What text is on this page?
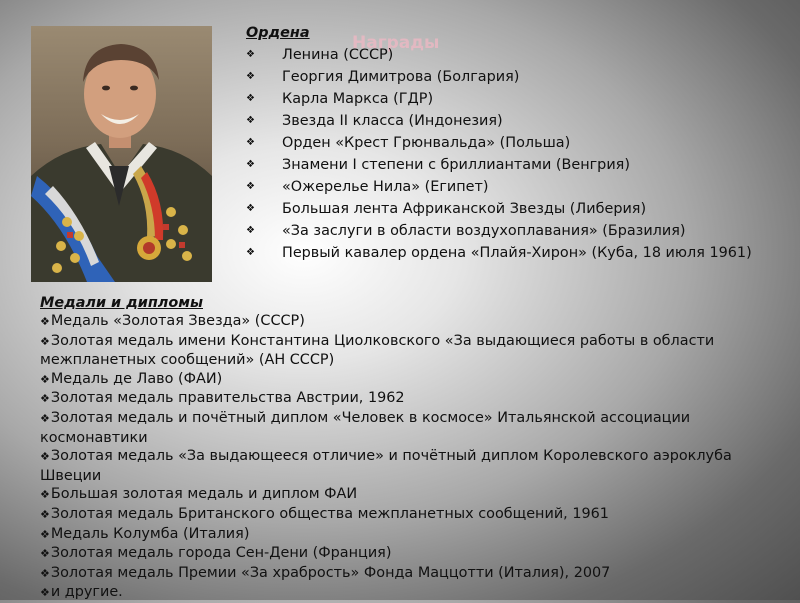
Награды
Ордена
❖ Ленина (СССР)
❖ Георгия Димитрова (Болгария)
❖ Карла Маркса (ГДР)
❖ Звезда II класса (Индонезия)
❖ Орден «Крест Грюнвальда» (Польша)
❖ Знамени I степени с бриллиантами (Венгрия)
❖ «Ожерелье Нила» (Египет)
❖ Большая лента Африканской Звезды (Либерия)
❖ «За заслуги в области воздухоплавания» (Бразилия)
❖ Первый кавалер ордена «Плайя-Хирон» (Куба, 18 июля 1961)
Медали и дипломы
❖ Медаль «Золотая Звезда» (СССР)
❖ Золотая медаль имени Константина Циолковского «За выдающиеся работы в области межпланетных сообщений» (АН СССР)
❖ Медаль де Лаво (ФАИ)
❖ Золотая медаль правительства Австрии, 1962
❖ Золотая медаль и почётный диплом «Человек в космосе» Итальянской ассоциации космонавтики
❖ Золотая медаль «За выдающееся отличие» и почётный диплом Королевского аэроклуба Швеции
❖ Большая золотая медаль и диплом ФАИ
❖ Золотая медаль Британского общества межпланетных сообщений, 1961
❖ Медаль Колумба (Италия)
❖ Золотая медаль города Сен-Дени (Франция)
❖ Золотая медаль Премии «За храбрость» Фонда Маццотти (Италия), 2007
❖ и другие.
